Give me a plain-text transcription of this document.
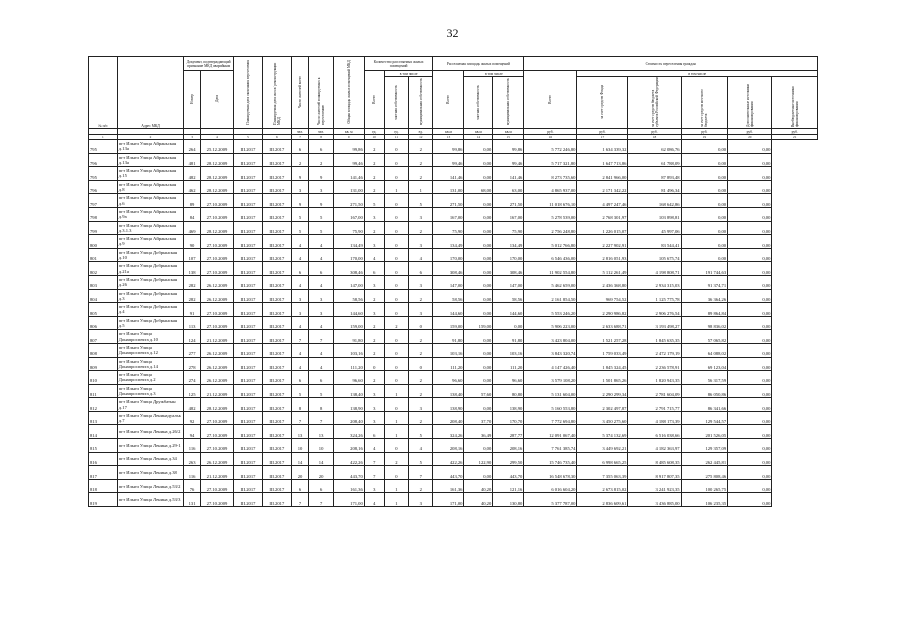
32
№ п/п	Адрес МКД	Документ, подтверждающий признание МКД аварийным		Планируемая дата окончания переселения	Планируемая дата сноса/ реконструкции МКД	Число жителей всего	Число жителей планируемых к переселению	Общая площадь жилых помещений МКД	Количество расселяемых жилых помещений			Расселяемая площадь жилых помещений			Стоимость переселения граждан					
		Номер	Дата																	
									Всего	в том числе		Всего	в том числе		Всего	в том числе				
										частная собственность	муниципальная собственность		частная собственность	муниципальная собственность		за счет средств Фонда	за счет средств бюджета субъекта Российской Федерации	за счет средств местного бюджета	Дополнительные источники финансирования	Внебюджетные источники финансирования
						чел.	чел.	кв. м	ед.	ед.	ед.	кв.м	кв.м	кв.м	руб.	руб.	руб.	руб.	руб.	руб.
1	2	3	4	5	6	7	8	9	10	11	12	13	14	15	16	17	18	19	20	21
795	пгт Ильич Улица Айраньская д.13а	264	25.12.2009	III.2017	III.2017	6	6	99,86	2	0	2	99,86	0,00	99,86	5 772 246,80	1 634 339,32	62 086,76	0,00	0,00	
796	пгт Ильич Улица Айраньская д.13а	481	28.12.2009	III.2017	III.2017	2	2	99,46	2	0	2	99,46	0,00	99,46	5 717 321,80	1 647 713,86	61 788,09	0,00	0,00	
795	пгт Ильич Улица Айраньская д.15	482	28.12.2009	III.2017	III.2017	9	9	141,46	2	0	2	141,46	0,00	141,46	8 273 735,60	2 841 966,00	87 893,48	0,00	0,00	
796	пгт Ильич Улица Айраньская д.8	462	28.12.2009	III.2017	III.2017	3	3	131,00	2	1	1	131,00	68,00	63,00	4 865 937,00	2 171 342,22	81 496,34	0,00	0,00	
797	пгт Ильич Улица Айраньская д.6	89	27.10.2009	III.2017	III.2017	9	9	271,50	5	0	5	271,50	0,00	271,50	11 018 676,10	4 497 247,46	168 642,86	0,00	0,00	
798	пгт Ильич Улица Айраньская д.9а	84	27.10.2009	III.2017	III.2017	5	5	167,00	3	0	3	167,00	0,00	167,00	5 278 539,00	2 768 301,97	103 898,81	0,00	0,00	
799	пгт Ильич Улица Айраньская д.3.1.3	469	28.12.2009	III.2017	III.2017	5	5	75,90	2	0	2	75,90	0,00	75,90	2 756 248,80	1 226 015,07	45 997,06	0,00	0,00	
800	пгт Ильич Улица Айраньская д.9	90	27.10.2009	III.2017	III.2017	4	4	134,49	3	0	3	134,49	0,00	134,49	5 012 766,80	2 227 902,91	83 544,41	0,00	0,00	
801	пгт Ильич Улица Добрынская д.10	107	27.10.2009	III.2017	III.2017	4	4	170,00	4	0	4	170,00	0,00	170,00	6 546 436,00	2 816 051,93	105 675,74	0,00	0,00	
802	пгт Ильич Улица Добрынская д.21а	138	27.10.2009	III.2017	III.2017	6	6	308,46	6	0	6	308,46	0,00	308,46	11 902 554,80	5 112 261,49	4 198 808,71	191 744,63	0,00	
803	пгт Ильич Улица Добрынская д.26	282	26.12.2009	III.2017	III.2017	4	4	147,00	3	0	3	147,00	0,00	147,00	5 462 659,00	2 436 368,80	2 934 315,03	91 374,71	0,00	
804	пгт Ильич Улица Добрынская д.3	282	26.12.2009	III.2017	III.2017	3	3	58,56	2	0	2	58,56	0,00	58,56	2 161 854,50	969 754,52	1 125 775,78	36 364,26	0,00	
805	пгт Ильич Улица Добрынская д.4	91	27.10.2009	III.2017	III.2017	3	3	144,60	3	0	3	144,60	0,00	144,60	5 553 246,20	2 290 986,82	2 906 276,54	89 864,84	0,00	
806	пгт Ильич Улица Добрынская д.5	113	27.10.2009	III.2017	III.2017	4	4	159,00	2	2	0	159,00	159,00	0,00	5 906 223,00	2 633 688,71	3 193 498,27	98 836,02	0,00	
807	пгт Ильич Улица Донапроспекта д.10	124	21.12.2009	III.2017	III.2017	7	7	91,80	2	0	2	91,80	0,00	91,80	3 423 804,00	1 521 257,28	1 845 635,35	57 065,82	0,00	
808	пгт Ильич Улица Донапроспекта д.12	277	26.12.2009	III.2017	III.2017	4	4	103,16	2	0	2	103,16	0,00	103,16	3 843 320,74	1 759 033,49	2 472 179,19	64 088,02	0,00	
809	пгт Ильич Улица Донапроспекта д.14	278	26.12.2009	III.2017	III.2017	4	4	111,20	0	0	0	111,20	0,00	111,20	4 147 426,40	1 845 324,45	2 236 578,91	69 123,04	0,00	
810	пгт Ильич Улица Донапроспекта д.2	274	26.12.2009	III.2017	III.2017	6	6	96,60	2	0	2	96,60	0,00	96,60	3 579 108,20	1 501 865,26	1 820 943,35	56 317,59	0,00	
811	пгт Ильич Улица Донапроспекта д.3	125	21.12.2009	III.2017	III.2017	5	5	138,40	3	1	2	138,40	57,60	80,80	5 131 604,00	2 290 299,34	2 781 604,09	86 050,86	0,00	
812	пгт Ильич Улица Дружбатын д.17	482	28.12.2009	III.2017	III.2017	8	8	138,90	3	0	3	138,90	0,00	138,90	5 160 553,80	2 302 497,87	2 791 715,77	86 341,66	0,00	
813	пгт Ильич Улица Ленинадуальк д.7	92	27.10.2009	III.2017	III.2017	7	7	208,40	3	1	2	208,40	37,70	170,70	7 772 694,80	3 450 275,60	4 188 173,39	129 544,57	0,00	
814	пгт Ильич Улица Ленина д.26/2	94	27.10.2009	III.2017	III.2017	13	13	324,26	6	1	5	324,26	36,49	287,77	12 091 067,40	5 374 132,69	6 516 038,66	201 526,05	0,00	
815	пгт Ильич Улица Ленина д.29-1	116	27.10.2009	III.2017	III.2017	10	10	208,16	4	0	4	208,16	0,00	208,16	7 761 385,74	3 449 692,21	4 182 363,97	129 357,09	0,00	
816	пгт Ильич Улица Ленина д.34	263	26.12.2009	III.2017	III.2017	14	14	422,26	7	2	5	422,26	122,90	299,50	15 746 735,40	6 998 665,25	8 485 608,35	262 445,81	0,00	
817	пгт Ильич Улица Ленина д.38	116	21.12.2009	III.2017	III.2017	20	20	443,70	7	0	7	443,70	0,00	443,70	16 548 678,30	7 355 063,39	8 917 807,35	275 808,46	0,00	
818	пгт Ильич Улица Ленина д.53/2	76	27.10.2009	III.2017	III.2017	6	6	161,36	3	1	2	161,36	40,20	121,16	6 016 604,20	2 673 815,02	3 241 923,35	100 265,75	0,00	
819	пгт Ильич Улица Ленина д.53/3	131	27.10.2009	III.2017	III.2017	7	7	171,00	4	1	3	171,00	40,20	130,80	5 377 787,00	2 836 609,61	3 436 885,00	106 235,35	0,00	
